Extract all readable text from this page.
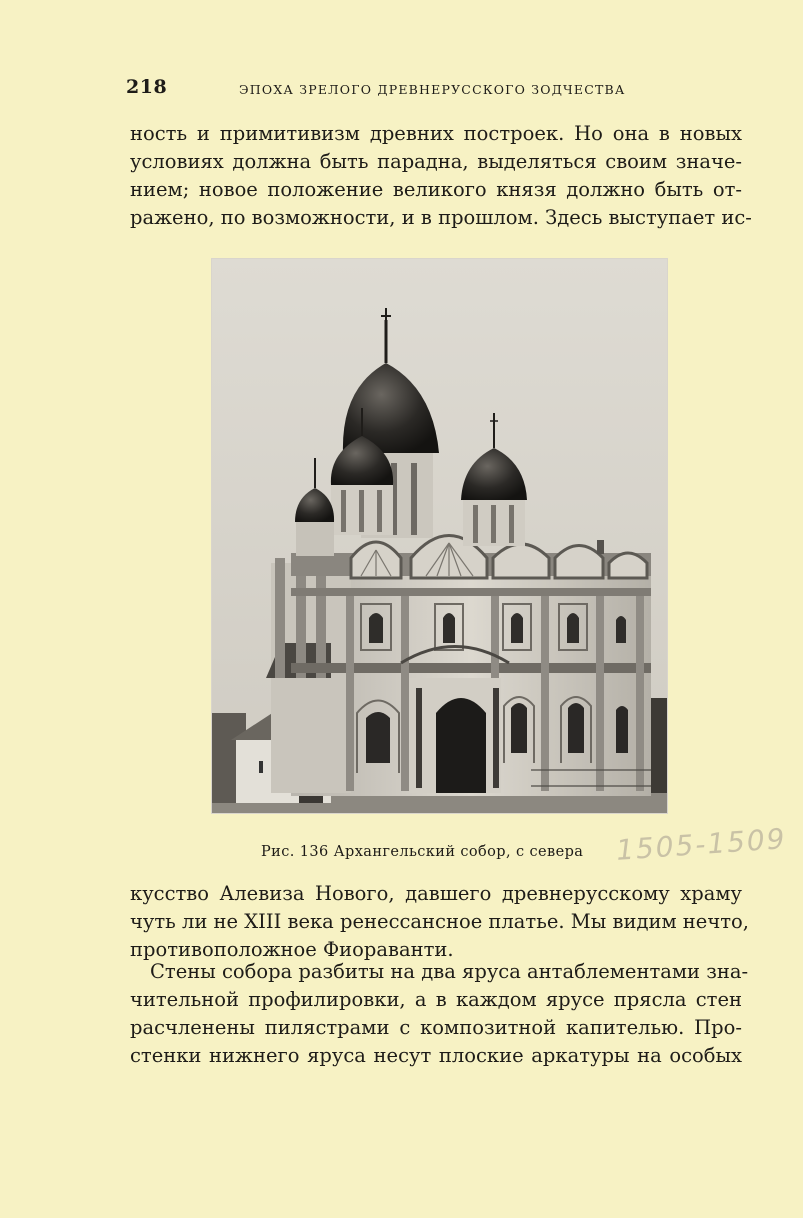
218	ЭПОХА ЗРЕЛОГО ДРЕВНЕРУССКОГО ЗОДЧЕСТВА
ность и примитивизм древних построек. Но она в новых
условиях должна быть парадна, выделяться своим значе-
нием; новое положение великого князя должно быть от-
ражено, по возможности, и в прошлом. Здесь выступает ис-
Рис. 136 Архангельский собор, с севера 1505-1509
кусство Алевиза Нового, давшего древнерусскому храму
чуть ли не XIII века ренессансное платье. Мы видим нечто,
противоположное Фиораванти.
Стены собора разбиты на два яруса антаблементами зна-
чительной профилировки, а в каждом ярусе прясла стен
расчленены пилястрами с композитной капителью. Про-
стенки нижнего яруса несут плоские аркатуры на особых
